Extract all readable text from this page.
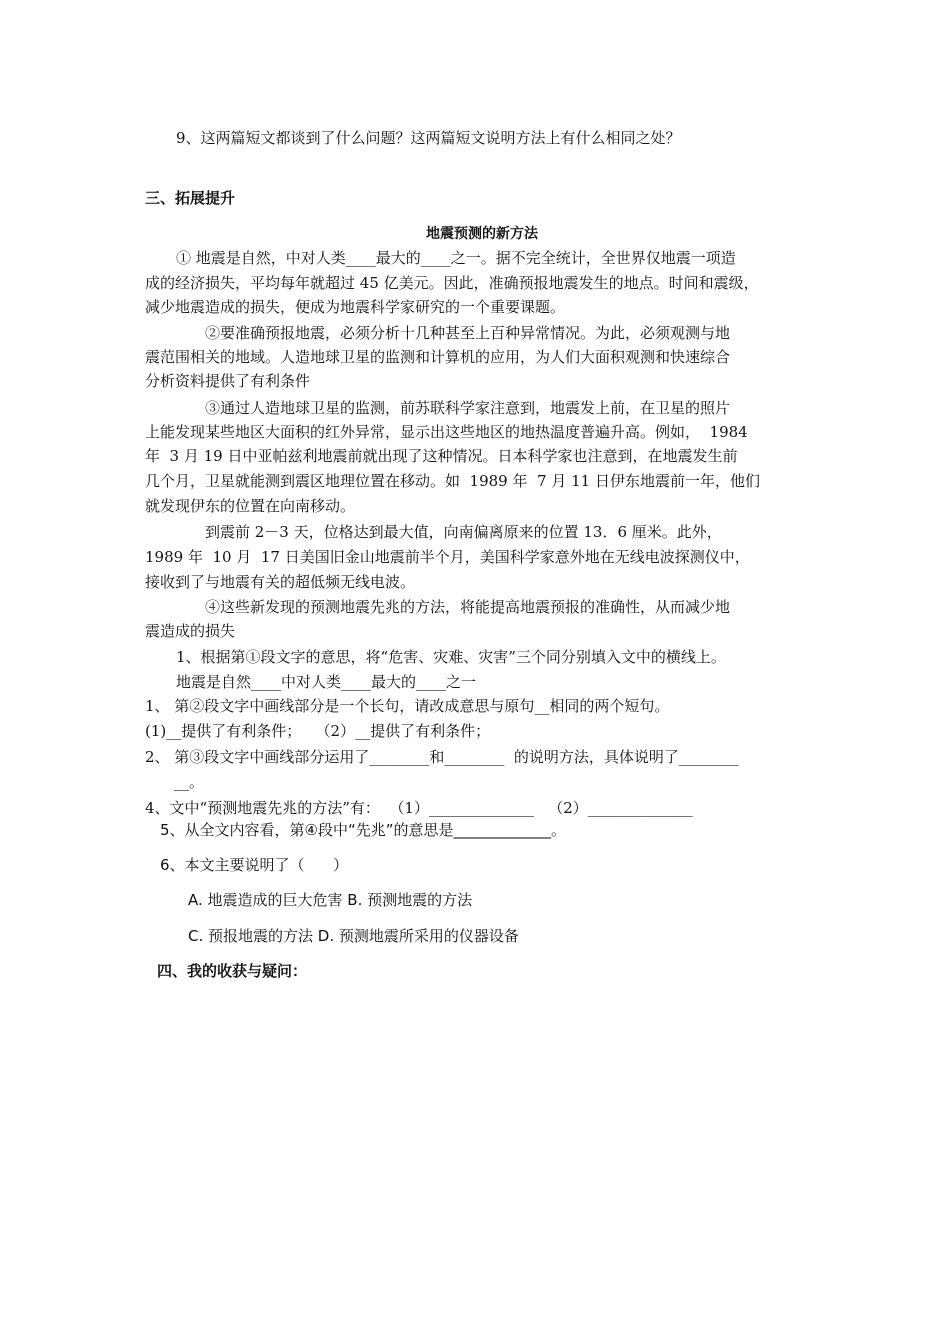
9、这两篇短文都谈到了什么问题？这两篇短文说明方法上有什么相同之处？
三、拓展提升
地震预测的新方法
① 地震是自然，中对人类____最大的____之一。据不完全统计，全世界仅地震一项造
成的经济损失，平均每年就超过 45 亿美元。因此，准确预报地震发生的地点。时间和震级，
减少地震造成的损失，便成为地震科学家研究的一个重要课题。
②要准确预报地震，必须分析十几种甚至上百种异常情况。为此，必须观测与地
震范围相关的地域。人造地球卫星的监测和计算机的应用，为人们大面积观测和快速综合
分析资料提供了有利条件
③通过人造地球卫星的监测，前苏联科学家注意到，地震发上前，在卫星的照片
上能发现某些地区大面积的红外异常，显示出这些地区的地热温度普遍升高。例如，  1984
年  3 月 19 日中亚帕兹利地震前就出现了这种情况。日本科学家也注意到，在地震发生前
几个月，卫星就能测到震区地理位置在移动。如  1989 年  7 月 11 日伊东地震前一年，他们
就发现伊东的位置在向南移动。
到震前 2－3 天，位格达到最大值，向南偏离原来的位置 13．6 厘米。此外，
1989 年  10 月  17 日美国旧金山地震前半个月，美国科学家意外地在无线电波探测仪中，
接收到了与地震有关的超低频无线电波。
④这些新发现的预测地震先兆的方法，将能提高地震预报的准确性，从而减少地
震造成的损失
1、根据第①段文字的意思，将“危害、灾难、灾害”三个同分别填入文中的横线上。
地震是自然____中对人类____最大的____之一
1、 第②段文字中画线部分是一个长句，请改成意思与原句__相同的两个短句。
(1)__提供了有利条件；   （2）__提供了有利条件；
2、 第③段文字中画线部分运用了________和________  的说明方法，具体说明了________
__。
4、文中“预测地震先兆的方法”有：  （1）______________   （2）______________
5、从全文内容看，第④段中“先兆”的意思是_____________。
6、本文主要说明了（      ）
A. 地震造成的巨大危害 B. 预测地震的方法
C. 预报地震的方法 D. 预测地震所采用的仪器设备
四、我的收获与疑问：
